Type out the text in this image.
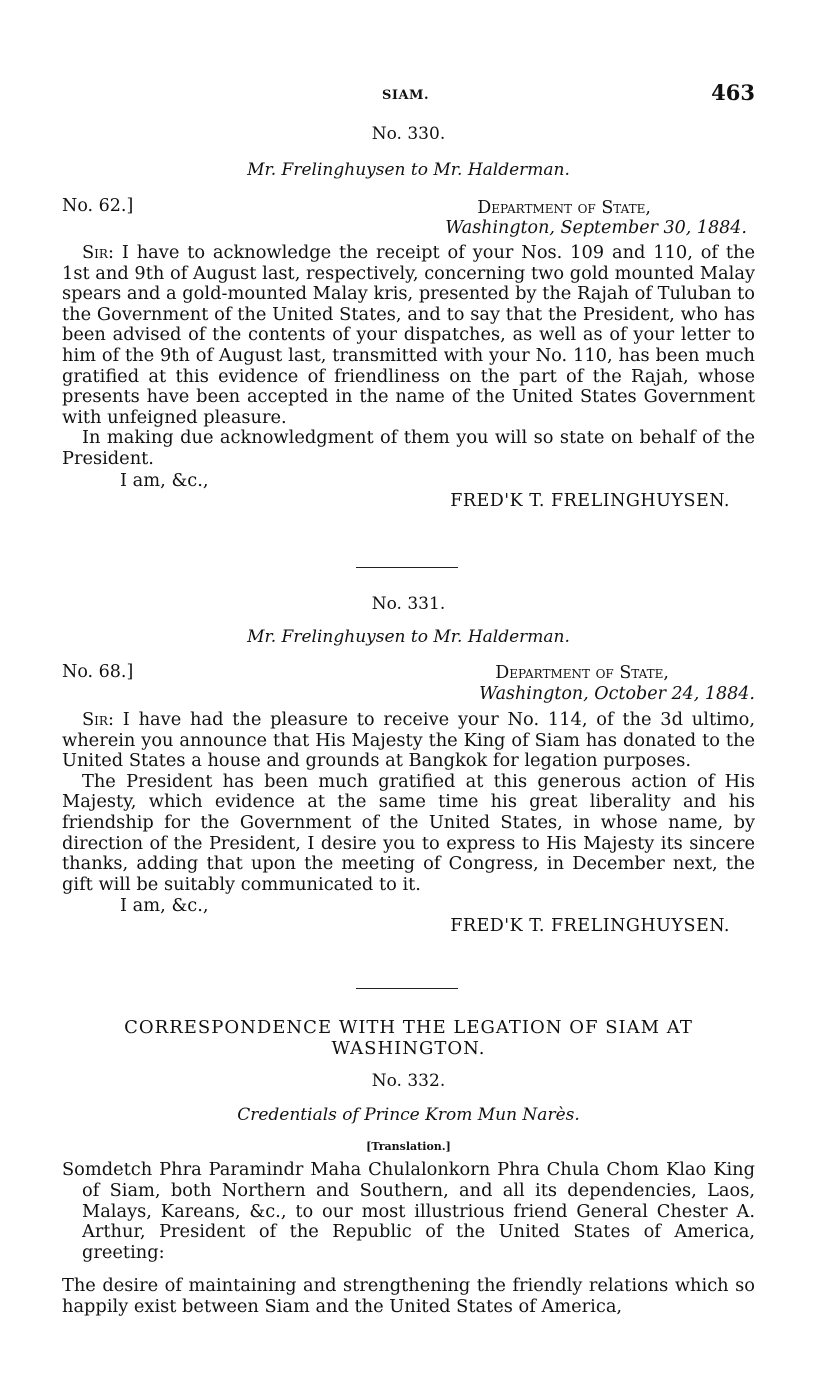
SIAM.	463
No. 330.
Mr. Frelinghuysen to Mr. Halderman.
No. 62.]	Department of State,
Washington, September 30, 1884.

Sir: I have to acknowledge the receipt of your Nos. 109 and 110, of the 1st and 9th of August last, respectively, concerning two gold mounted Malay spears and a gold-mounted Malay kris, presented by the Rajah of Tuluban to the Government of the United States, and to say that the President, who has been advised of the contents of your dispatches, as well as of your letter to him of the 9th of August last, transmitted with your No. 110, has been much gratified at this evidence of friendliness on the part of the Rajah, whose presents have been accepted in the name of the United States Government with unfeigned pleasure.

In making due acknowledgment of them you will so state on behalf of the President.

I am, &c.,
FRED'K T. FRELINGHUYSEN.
No. 331.
Mr. Frelinghuysen to Mr. Halderman.
No. 68.]	Department of State,
Washington, October 24, 1884.

Sir: I have had the pleasure to receive your No. 114, of the 3d ultimo, wherein you announce that His Majesty the King of Siam has donated to the United States a house and grounds at Bangkok for legation purposes.

The President has been much gratified at this generous action of His Majesty, which evidence at the same time his great liberality and his friendship for the Government of the United States, in whose name, by direction of the President, I desire you to express to His Majesty its sincere thanks, adding that upon the meeting of Congress, in December next, the gift will be suitably communicated to it.

I am, &c.,
FRED'K T. FRELINGHUYSEN.
CORRESPONDENCE WITH THE LEGATION OF SIAM AT WASHINGTON.
No. 332.
Credentials of Prince Krom Mun Narès.
[Translation.]

Somdetch Phra Paramindr Maha Chulalonkorn Phra Chula Chom Klao King of Siam, both Northern and Southern, and all its dependencies, Laos, Malays, Kareans, &c., to our most illustrious friend General Chester A. Arthur, President of the Republic of the United States of America, greeting:

The desire of maintaining and strengthening the friendly relations which so happily exist between Siam and the United States of America,
